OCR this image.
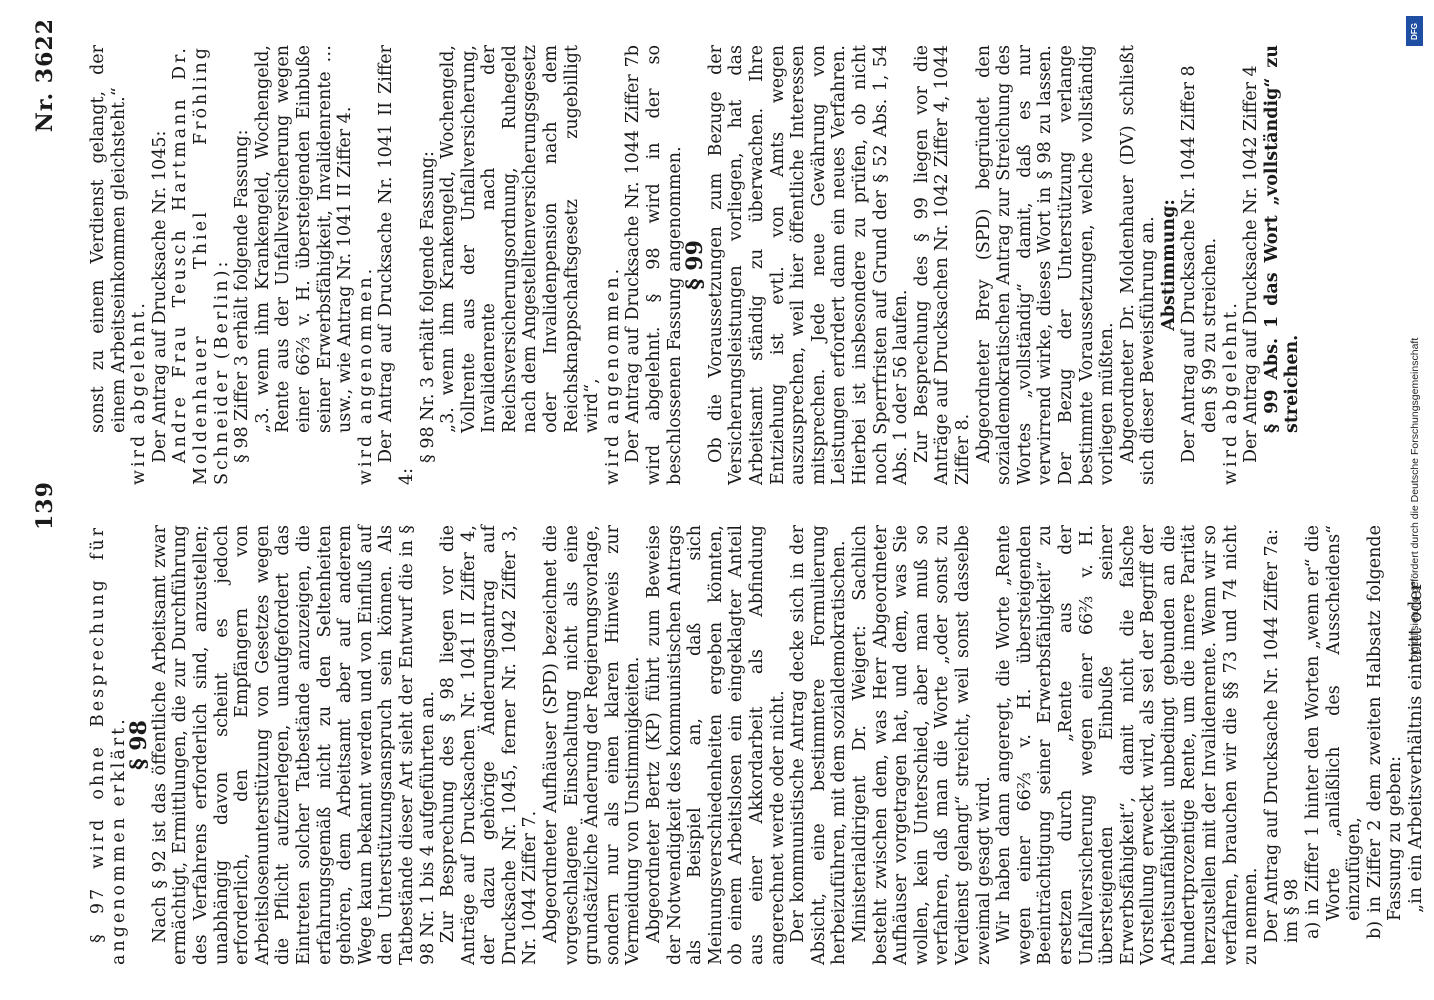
139
Nr. 3622

§ 97 wird ohne Besprechung für angenommen erklärt.

§ 98

Nach § 92 ist das öffentliche Arbeitsamt zwar ermächtigt, Ermittlungen, die zur Durchführung des Verfahrens erforderlich sind, anzustellen; unabhängig davon scheint es jedoch erforderlich, den Empfängern von Arbeitslosenunterstützung von Gesetzes wegen die Pflicht aufzuerlegen, unaufgefordert das Eintreten solcher Tatbestände anzuzeigen, die erfahrungsgemäß nicht zu den Seltenheiten gehören, dem Arbeitsamt aber auf anderem Wege kaum bekannt werden und von Einfluß auf den Unterstützungsanspruch sein können. Als Tatbestände dieser Art sieht der Entwurf die in § 98 Nr. 1 bis 4 aufgeführten an. Zur Besprechung des § 98 liegen vor die Anträge auf Drucksachen Nr. 1041 II Ziffer 4, der dazu gehörige Änderungsantrag auf Drucksache Nr. 1045, ferner Nr. 1042 Ziffer 3, Nr. 1044 Ziffer 7. Abgeordneter Aufhäuser (SPD) bezeichnet die vorgeschlagene Einschaltung nicht als eine grundsätzliche Änderung der Regierungsvorlage, sondern nur als einen klaren Hinweis zur Vermeidung von Unstimmigkeiten. Abgeordneter Bertz (KP) führt zum Beweise der Notwendigkeit des kommunistischen Antrags als Beispiel an, daß sich Meinungsverschiedenheiten ergeben könnten, ob einem Arbeitslosen ein eingeklagter Anteil aus einer Akkordarbeit als Abfindung angerechnet werde oder nicht. Der kommunistische Antrag decke sich in der Absicht, eine bestimmtere Formulierung herbeizuführen, mit dem sozialdemokratischen. Ministerialdirigent Dr. Weigert: Sachlich besteht zwischen dem, was Herr Abgeordneter Aufhäuser vorgetragen hat, und dem, was Sie wollen, kein Unterschied, aber man muß so verfahren, daß man die Worte „oder sonst zu Verdienst gelangt“ streicht, weil sonst dasselbe zweimal gesagt wird. Wir haben dann angeregt, die Worte „Rente wegen einer 66⅔ v. H. übersteigenden Beeinträchtigung seiner Erwerbsfähigkeit“ zu ersetzen durch „Rente aus der Unfallversicherung wegen einer 66⅔ v. H. übersteigenden Einbuße seiner Erwerbsfähigkeit“, damit nicht die falsche Vorstellung erweckt wird, als sei der Begriff der Arbeitsunfähigkeit unbedingt gebunden an die hundertprozentige Rente, um die innere Parität herzustellen mit der Invalidenrente. Wenn wir so verfahren, brauchen wir die §§ 73 und 74 nicht zu nennen. Der Antrag auf Drucksache Nr. 1044 Ziffer 7a: im § 98 a) in Ziffer 1 hinter den Worten „wenn er“ die Worte „anläßlich des Ausscheidens“ einzufügen, b) in Ziffer 2 dem zweiten Halbsatz folgende Fassung zu geben: „in ein Arbeitsverhältnis eintritt oder

sonst zu einem Verdienst gelangt, der einem Arbeitseinkommen gleichsteht.“ wird abgelehnt. Der Antrag auf Drucksache Nr. 1045: Andre Frau Teusch Hartmann Dr. Moldenhauer Thiel Fröhling Schneider (Berlin): § 98 Ziffer 3 erhält folgende Fassung: „3. wenn ihm Krankengeld, Wochengeld, Rente aus der Unfallversicherung wegen einer 66⅔ v. H. übersteigenden Einbuße seiner Erwerbsfähigkeit, Invalidenrente … usw., wie Antrag Nr. 1041 II Ziffer 4. wird angenommen. Der Antrag auf Drucksache Nr. 1041 II Ziffer 4:

§ 98 Nr. 3 erhält folgende Fassung: „3. wenn ihm Krankengeld, Wochengeld, Vollrente aus der Unfallversicherung, Invalidenrente nach der Reichsversicherungsordnung, Ruhegeld nach dem Angestelltenversicherungsgesetz oder Invalidenpension nach dem Reichsknappschaftsgesetz zugebilligt wird“, wird angenommen. Der Antrag auf Drucksache Nr. 1044 Ziffer 7b wird abgelehnt. § 98 wird in der so beschlossenen Fassung angenommen.

§ 99

Ob die Voraussetzungen zum Bezuge der Versicherungsleistungen vorliegen, hat das Arbeitsamt ständig zu überwachen. Ihre Entziehung ist evtl. von Amts wegen auszusprechen, weil hier öffentliche Interessen mitsprechen. Jede neue Gewährung von Leistungen erfordert dann ein neues Verfahren. Hierbei ist insbesondere zu prüfen, ob nicht noch Sperrfristen auf Grund der § 52 Abs. 1, 54 Abs. 1 oder 56 laufen. Zur Besprechung des § 99 liegen vor die Anträge auf Drucksachen Nr. 1042 Ziffer 4, 1044 Ziffer 8. Abgeordneter Brey (SPD) begründet den sozialdemokratischen Antrag zur Streichung des Wortes „vollständig“ damit, daß es nur verwirrend wirke, dieses Wort in § 98 zu lassen. Der Bezug der Unterstützung verlange bestimmte Voraussetzungen, welche vollständig vorliegen müßten. Abgeordneter Dr. Moldenhauer (DV) schließt sich dieser Beweisführung an. Abstimmung: Der Antrag auf Drucksache Nr. 1044 Ziffer 8 den § 99 zu streichen. wird abgelehnt. Der Antrag auf Drucksache Nr. 1042 Ziffer 4 § 99 Abs. 1 das Wort „vollständig“ zu streichen.

DFG
Digitalisierung gefördert durch die Deutsche Forschungsgemeinschaft
